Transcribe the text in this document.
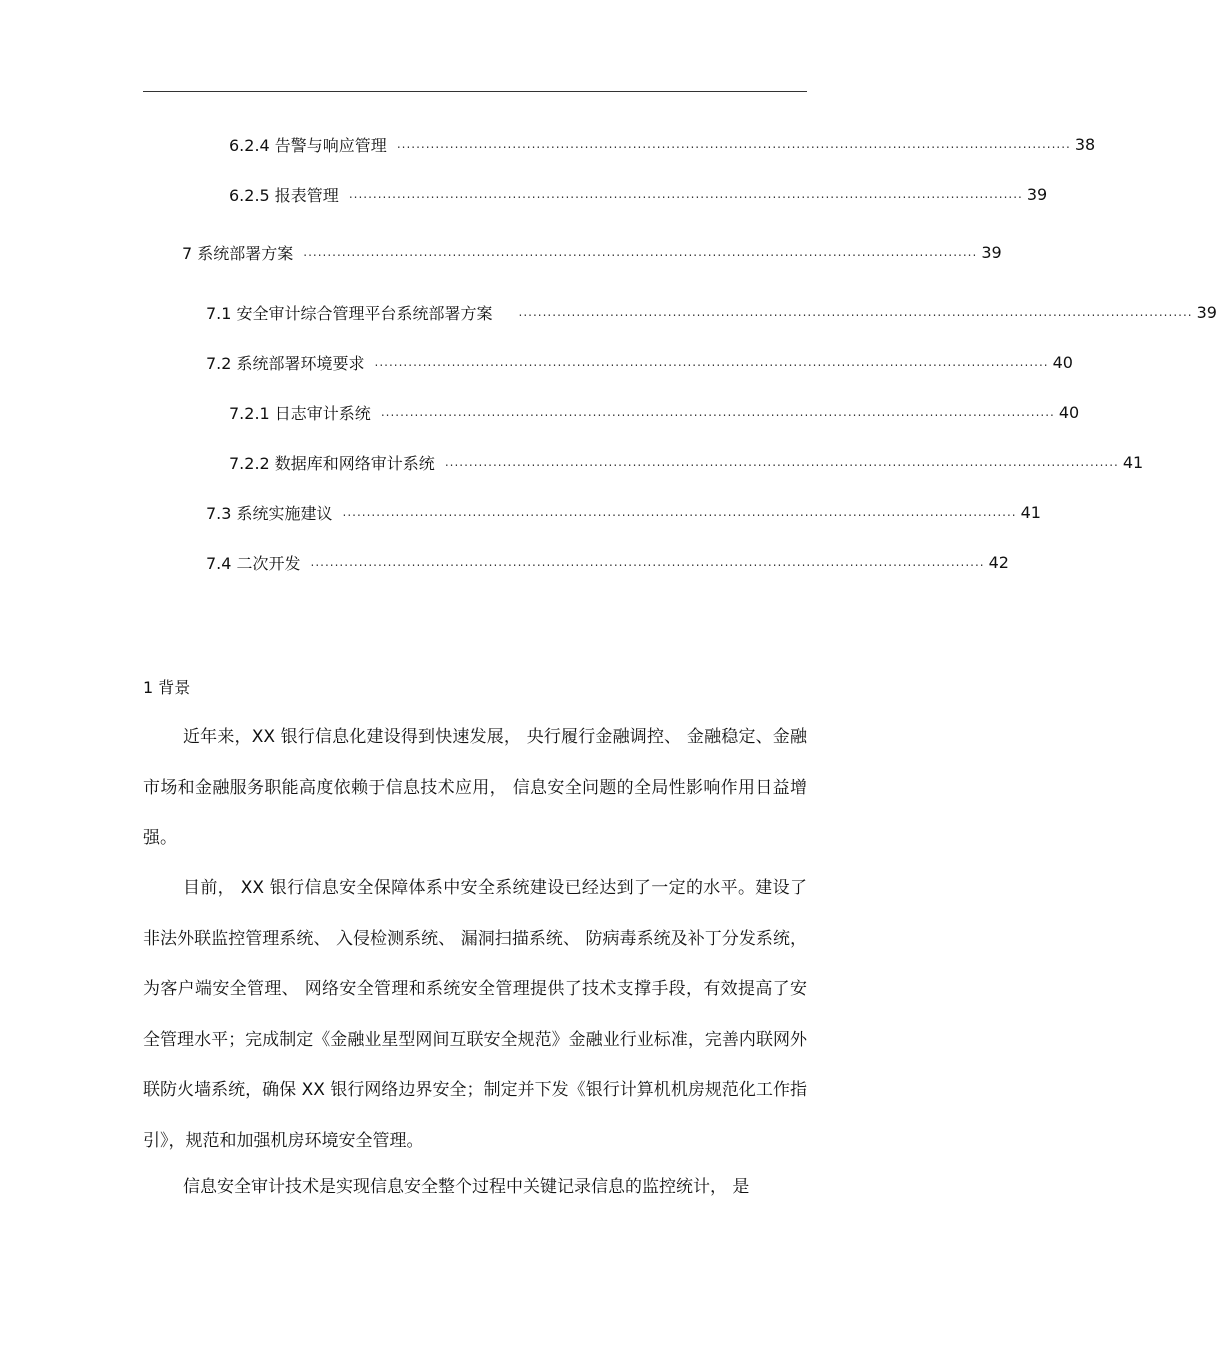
6.2.4 告警与响应管理 ............................................................................................................................................ 38
6.2.5 报表管理 ............................................................................................................................................ 39
7 系统部署方案 ............................................................................................................................................ 39
7.1 安全审计综合管理平台系统部署方案 ............................................................................................................................................ 39
7.2 系统部署环境要求 ............................................................................................................................................ 40
7.2.1 日志审计系统 ............................................................................................................................................ 40
7.2.2 数据库和网络审计系统 ............................................................................................................................................ 41
7.3 系统实施建议 ............................................................................................................................................ 41
7.4 二次开发 ............................................................................................................................................ 42
1 背景

近年来，XX 银行信息化建设得到快速发展， 央行履行金融调控、 金融稳定、金融市场和金融服务职能高度依赖于信息技术应用， 信息安全问题的全局性影响作用日益增强。

目前， XX 银行信息安全保障体系中安全系统建设已经达到了一定的水平。建设了非法外联监控管理系统、 入侵检测系统、 漏洞扫描系统、 防病毒系统及补丁分发系统， 为客户端安全管理、 网络安全管理和系统安全管理提供了技术支撑手段，有效提高了安全管理水平；完成制定《金融业星型网间互联安全规范》金融业行业标准，完善内联网外联防火墙系统，确保 XX 银行网络边界安全；制定并下发《银行计算机机房规范化工作指引》，规范和加强机房环境安全管理。

信息安全审计技术是实现信息安全整个过程中关键记录信息的监控统计， 是
